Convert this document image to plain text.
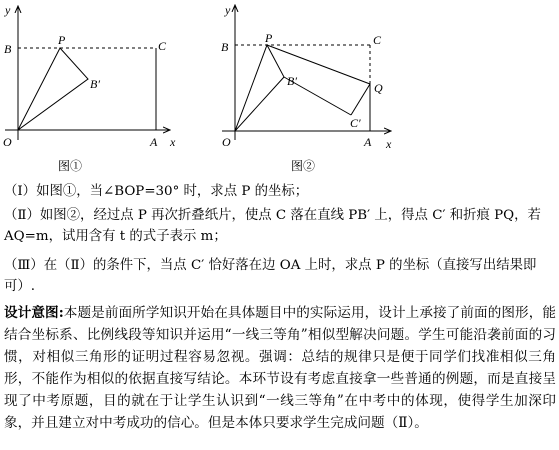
y
x
O	A
B	C
P
B′
图①
y
x
O	A
B	C
P
B′	Q
C′
图②
（Ⅰ）如图①，当∠BOP=30° 时，求点 P 的坐标；
（Ⅱ）如图②，经过点 P 再次折叠纸片，使点 C 落在直线 PB′ 上，得点 C′ 和折痕 PQ，若 AQ=m，试用含有 t 的式子表示 m；
（Ⅲ）在（Ⅱ）的条件下，当点 C′ 恰好落在边 OA 上时，求点 P 的坐标（直接写出结果即可）.
设计意图:本题是前面所学知识开始在具体题目中的实际运用，设计上承接了前面的图形，能结合坐标系、比例线段等知识并运用“一线三等角”相似型解决问题。学生可能沿袭前面的习惯，对相似三角形的证明过程容易忽视。强调：总结的规律只是便于同学们找准相似三角形，不能作为相似的依据直接写结论。本环节设有考虑直接拿一些普通的例题，而是直接呈现了中考原题，目的就在于让学生认识到“一线三等角”在中考中的体现，使得学生加深印象，并且建立对中考成功的信心。但是本体只要求学生完成问题（Ⅱ）。
